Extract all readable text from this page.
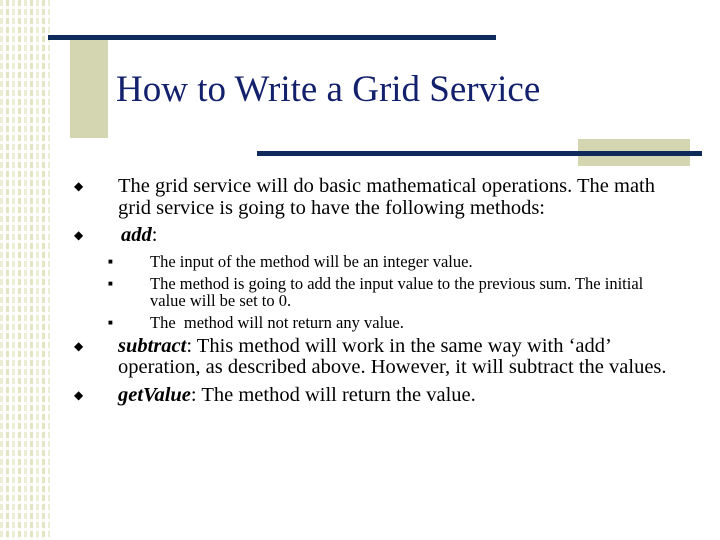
How to Write a Grid Service
◆ The grid service will do basic mathematical operations. The math grid service is going to have the following methods:
◆ add:
■ The input of the method will be an integer value.
■ The method is going to add the input value to the previous sum. The initial value will be set to 0.
■ The  method will not return any value.
◆ subtract: This method will work in the same way with ‘add’ operation, as described above. However, it will subtract the values.
◆ getValue: The method will return the value.
